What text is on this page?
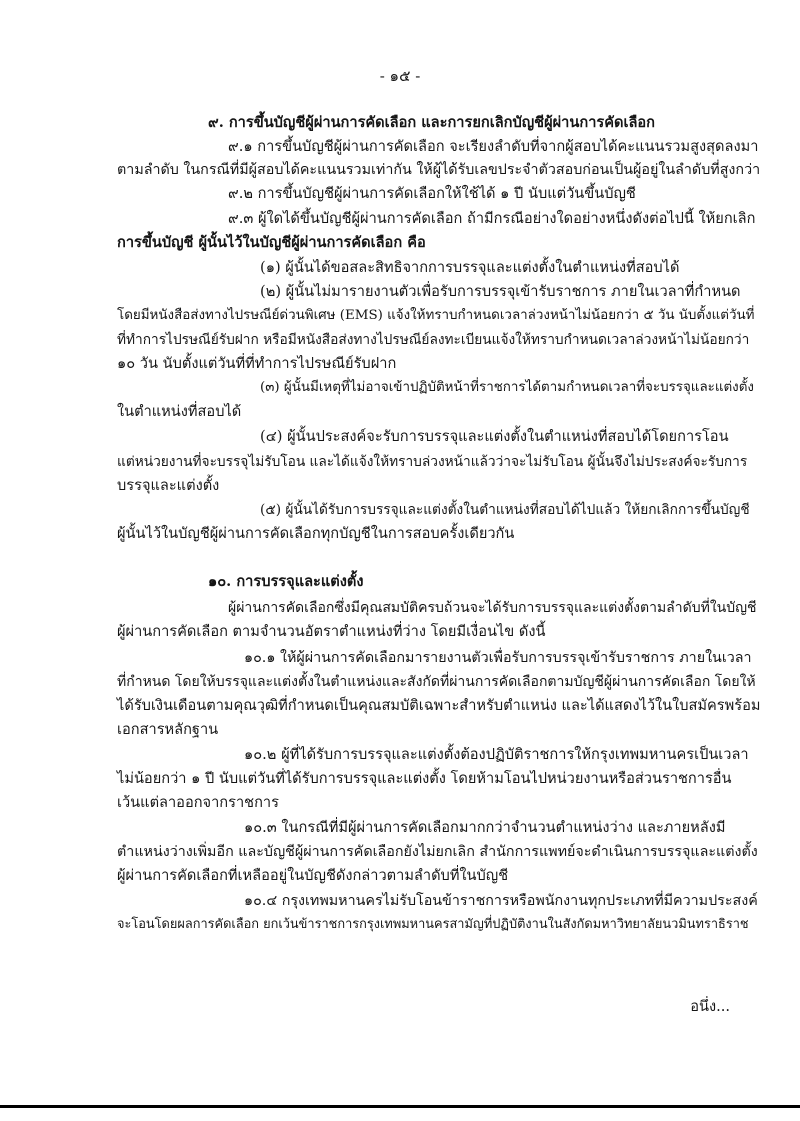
- ๑๕ -
๙. การขึ้นบัญชีผู้ผ่านการคัดเลือก และการยกเลิกบัญชีผู้ผ่านการคัดเลือก
๙.๑ การขึ้นบัญชีผู้ผ่านการคัดเลือก จะเรียงลำดับที่จากผู้สอบได้คะแนนรวมสูงสุดลงมา
ตามลำดับ ในกรณีที่มีผู้สอบได้คะแนนรวมเท่ากัน ให้ผู้ได้รับเลขประจำตัวสอบก่อนเป็นผู้อยู่ในลำดับที่สูงกว่า
๙.๒ การขึ้นบัญชีผู้ผ่านการคัดเลือกให้ใช้ได้ ๑ ปี นับแต่วันขึ้นบัญชี
๙.๓ ผู้ใดได้ขึ้นบัญชีผู้ผ่านการคัดเลือก ถ้ามีกรณีอย่างใดอย่างหนึ่งดังต่อไปนี้ ให้ยกเลิก
การขึ้นบัญชี ผู้นั้นไว้ในบัญชีผู้ผ่านการคัดเลือก คือ
(๑) ผู้นั้นได้ขอสละสิทธิจากการบรรจุและแต่งตั้งในตำแหน่งที่สอบได้
(๒) ผู้นั้นไม่มารายงานตัวเพื่อรับการบรรจุเข้ารับราชการ ภายในเวลาที่กำหนด
โดยมีหนังสือส่งทางไปรษณีย์ด่วนพิเศษ (EMS) แจ้งให้ทราบกำหนดเวลาล่วงหน้าไม่น้อยกว่า ๕ วัน นับตั้งแต่วันที่
ที่ทำการไปรษณีย์รับฝาก หรือมีหนังสือส่งทางไปรษณีย์ลงทะเบียนแจ้งให้ทราบกำหนดเวลาล่วงหน้าไม่น้อยกว่า
๑๐ วัน นับตั้งแต่วันที่ที่ทำการไปรษณีย์รับฝาก
(๓) ผู้นั้นมีเหตุที่ไม่อาจเข้าปฏิบัติหน้าที่ราชการได้ตามกำหนดเวลาที่จะบรรจุและแต่งตั้ง
ในตำแหน่งที่สอบได้
(๔) ผู้นั้นประสงค์จะรับการบรรจุและแต่งตั้งในตำแหน่งที่สอบได้โดยการโอน
แต่หน่วยงานที่จะบรรจุไม่รับโอน และได้แจ้งให้ทราบล่วงหน้าแล้วว่าจะไม่รับโอน ผู้นั้นจึงไม่ประสงค์จะรับการ
บรรจุและแต่งตั้ง
(๕) ผู้นั้นได้รับการบรรจุและแต่งตั้งในตำแหน่งที่สอบได้ไปแล้ว ให้ยกเลิกการขึ้นบัญชี
ผู้นั้นไว้ในบัญชีผู้ผ่านการคัดเลือกทุกบัญชีในการสอบครั้งเดียวกัน
๑๐. การบรรจุและแต่งตั้ง
ผู้ผ่านการคัดเลือกซึ่งมีคุณสมบัติครบถ้วนจะได้รับการบรรจุและแต่งตั้งตามลำดับที่ในบัญชี
ผู้ผ่านการคัดเลือก ตามจำนวนอัตราตำแหน่งที่ว่าง โดยมีเงื่อนไข ดังนี้
๑๐.๑ ให้ผู้ผ่านการคัดเลือกมารายงานตัวเพื่อรับการบรรจุเข้ารับราชการ ภายในเวลา
ที่กำหนด โดยให้บรรจุและแต่งตั้งในตำแหน่งและสังกัดที่ผ่านการคัดเลือกตามบัญชีผู้ผ่านการคัดเลือก โดยให้
ได้รับเงินเดือนตามคุณวุฒิที่กำหนดเป็นคุณสมบัติเฉพาะสำหรับตำแหน่ง และได้แสดงไว้ในใบสมัครพร้อม
เอกสารหลักฐาน
๑๐.๒ ผู้ที่ได้รับการบรรจุและแต่งตั้งต้องปฏิบัติราชการให้กรุงเทพมหานครเป็นเวลา
ไม่น้อยกว่า ๑ ปี นับแต่วันที่ได้รับการบรรจุและแต่งตั้ง โดยห้ามโอนไปหน่วยงานหรือส่วนราชการอื่น
เว้นแต่ลาออกจากราชการ
๑๐.๓ ในกรณีที่มีผู้ผ่านการคัดเลือกมากกว่าจำนวนตำแหน่งว่าง และภายหลังมี
ตำแหน่งว่างเพิ่มอีก และบัญชีผู้ผ่านการคัดเลือกยังไม่ยกเลิก สำนักการแพทย์จะดำเนินการบรรจุและแต่งตั้ง
ผู้ผ่านการคัดเลือกที่เหลืออยู่ในบัญชีดังกล่าวตามลำดับที่ในบัญชี
๑๐.๔ กรุงเทพมหานครไม่รับโอนข้าราชการหรือพนักงานทุกประเภทที่มีความประสงค์
จะโอนโดยผลการคัดเลือก ยกเว้นข้าราชการกรุงเทพมหานครสามัญที่ปฏิบัติงานในสังกัดมหาวิทยาลัยนวมินทราธิราช
อนึ่ง...
